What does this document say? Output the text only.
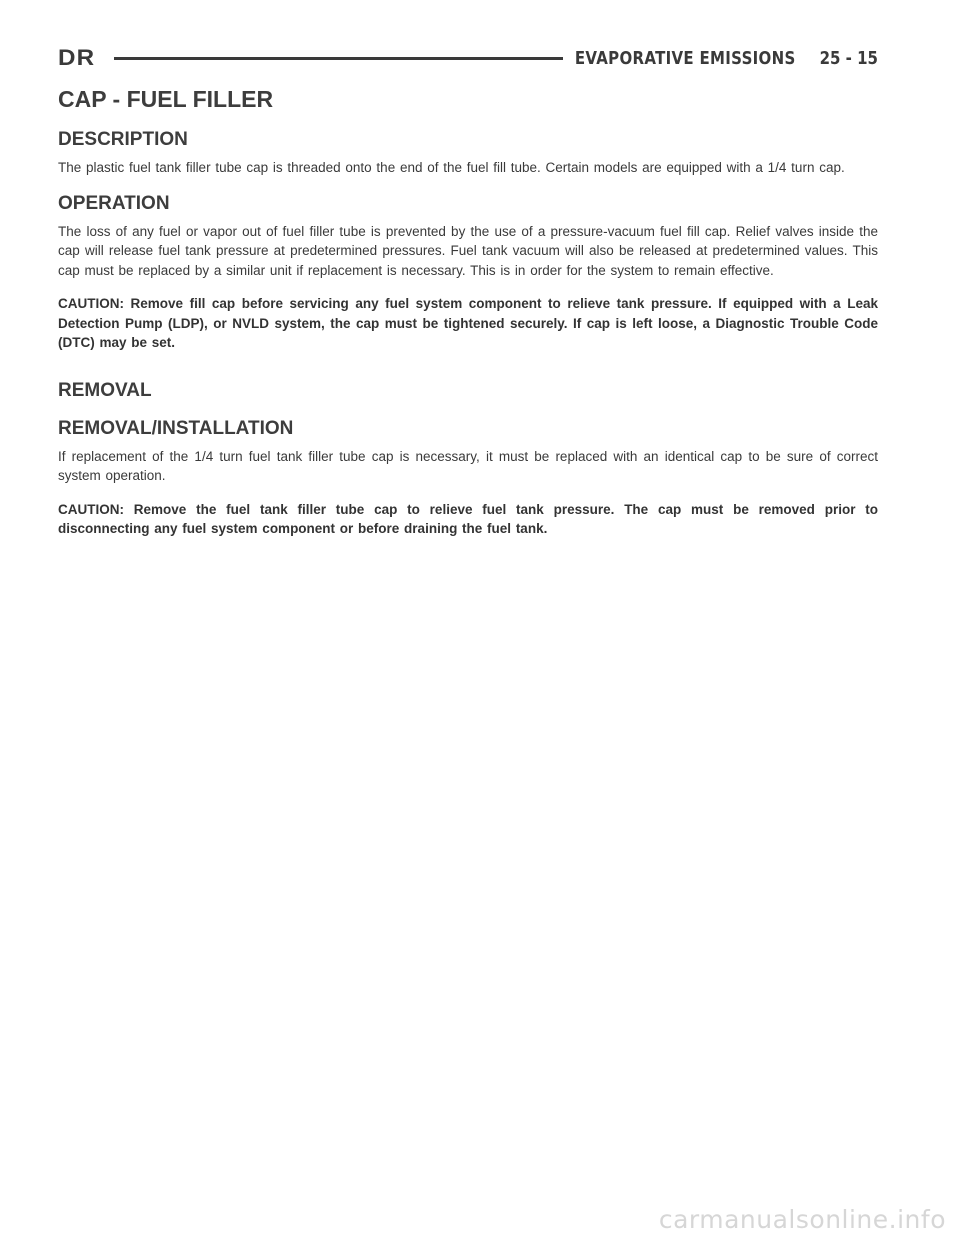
DR	EVAPORATIVE EMISSIONS 25 - 15
CAP - FUEL FILLER
DESCRIPTION

The plastic fuel tank filler tube cap is threaded onto the end of the fuel fill tube. Certain models are equipped with a 1/4 turn cap.

OPERATION

The loss of any fuel or vapor out of fuel filler tube is prevented by the use of a pressure-vacuum fuel fill cap. Relief valves inside the cap will release fuel tank pressure at predetermined pressures. Fuel tank vacuum will also be released at predetermined values. This cap must be replaced by a similar unit if replacement is necessary. This is in order for the system to remain effective.

CAUTION: Remove fill cap before servicing any fuel system component to relieve tank pressure. If equipped with a Leak Detection Pump (LDP), or NVLD system, the cap must be tightened securely. If cap is left loose, a Diagnostic Trouble Code (DTC) may be set.

REMOVAL
REMOVAL/INSTALLATION

If replacement of the 1/4 turn fuel tank filler tube cap is necessary, it must be replaced with an identical cap to be sure of correct system operation.

CAUTION: Remove the fuel tank filler tube cap to relieve fuel tank pressure. The cap must be removed prior to disconnecting any fuel system component or before draining the fuel tank.

carmanualsonline.info
